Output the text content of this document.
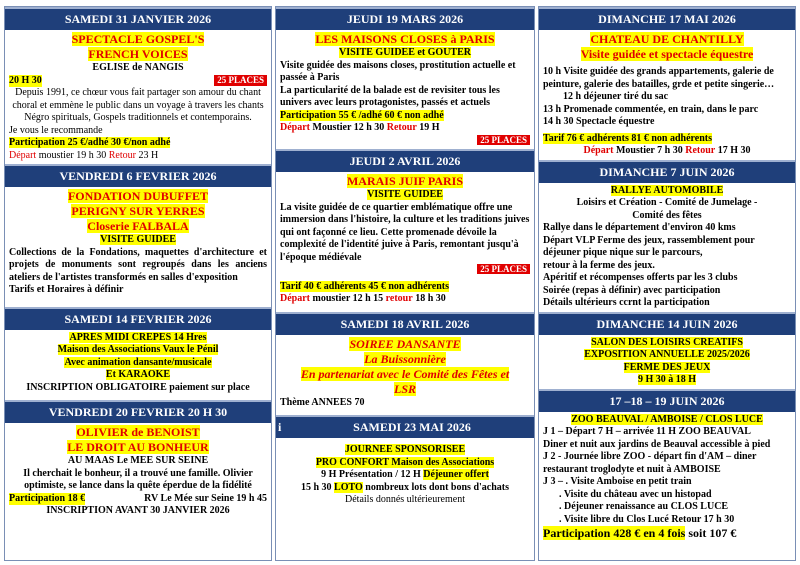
SAMEDI 31 JANVIER 2026
SPECTACLE GOSPEL'S
FRENCH VOICES
EGLISE de NANGIS
20 H 30	25 PLACES

Depuis 1991, ce chœur vous fait partager son amour du chant choral et emmène le public dans un voyage à travers les chants Négro spirituals, Gospels traditionnels et contemporains.

Je vous le recommande

Participation 25 €/adhé 30 €/non adhé
Départ moustier 19 h 30 Retour 23 H
VENDREDI 6 FEVRIER 2026
FONDATION DUBUFFET
PERIGNY SUR YERRES
Closerie FALBALA
VISITE GUIDEE

Collections de la Fondations, maquettes d'architecture et projets de monuments sont regroupés dans les anciens ateliers de l'artistes transformés en salles d'exposition

Tarifs et Horaires à définir

SAMEDI 14 FEVRIER 2026
APRES MIDI CREPES 14 Hres
Maison des Associations Vaux le Pénil
Avec animation dansante/musicale
Et KARAOKE
INSCRIPTION OBLIGATOIRE paiement sur place
VENDREDI 20 FEVRIER 20 H 30
OLIVIER de BENOIST
LE DROIT AU BONHEUR
AU MAAS Le MEE SUR SEINE

Il cherchait le bonheur, il a trouvé une famille. Olivier optimiste, se lance dans la quête éperdue de la fidélité

Participation 18 €	RV Le Mée sur Seine 19 h 45
INSCRIPTION AVANT 30 JANVIER 2026
JEUDI 19 MARS 2026
LES MAISONS CLOSES à PARIS
VISITE GUIDEE et GOUTER

Visite guidée des maisons closes, prostitution actuelle et passée à Paris

La particularité de la balade est de revisiter tous les univers avec leurs protagonistes, passés et actuels

Participation 55 € /adhé 60 € non adhé
Départ Moustier 12 h 30 Retour 19 H
25 PLACES
JEUDI 2 AVRIL 2026
MARAIS JUIF PARIS
VISITE GUIDEE

La visite guidée de ce quartier emblématique offre une immersion dans l'histoire, la culture et les traditions juives qui ont façonné ce lieu. Cette promenade dévoile la complexité de l'identité juive à Paris, remontant jusqu'à l'époque médiévale

25 PLACES
Tarif 40 € adhérents 45 € non adhérents
Départ moustier 12 h 15 retour 18 h 30
SAMEDI 18 AVRIL 2026
SOIREE DANSANTE
La Buissonnière
En partenariat avec le Comité des Fêtes et
LSR

Thème ANNEES 70

i	SAMEDI 23 MAI 2026
JOURNEE SPONSORISEE
PRO CONFORT Maison des Associations
9 H Présentation / 12 H Déjeuner offert
15 h 30 LOTO nombreux lots dont bons d'achats
Détails donnés ultérieurement
DIMANCHE 17 MAI 2026
CHATEAU DE CHANTILLY
Visite guidée et spectacle équestre

10 h Visite guidée des grands appartements, galerie de peinture, galerie des batailles, grde et petite singerie…

12 h déjeuner tiré du sac

13 h Promenade commentée, en train, dans le parc

14 h 30 Spectacle équestre

Tarif 76 € adhérents 81 € non adhérents
Départ Moustier 7 h 30 Retour 17 H 30
DIMANCHE 7 JUIN 2026
RALLYE AUTOMOBILE
Loisirs et Création - Comité de Jumelage -
Comité des fêtes

Rallye dans le département d'environ 40 kms

Départ VLP Ferme des jeux, rassemblement pour déjeuner pique nique sur le parcours,

retour à la ferme des jeux.

Apéritif et récompenses offerts par les 3 clubs

Soirée (repas à définir) avec participation

Détails ultérieurs ccrnt la participation

DIMANCHE 14 JUIN 2026
SALON DES LOISIRS CREATIFS
EXPOSITION ANNUELLE 2025/2026
FERME DES JEUX
9 H 30 à 18 H
17 –18 – 19 JUIN 2026
ZOO BEAUVAL / AMBOISE / CLOS LUCE

J 1 – Départ 7 H – arrivée 11 H ZOO BEAUVAL

Diner et nuit aux jardins de Beauval accessible à pied

J 2 - Journée libre ZOO - départ fin d'AM – diner restaurant troglodyte et nuit à AMBOISE

J 3 – . Visite Amboise en petit train

. Visite du château avec un histopad

. Déjeuner renaissance au CLOS LUCE

. Visite libre du Clos Lucé Retour 17 h 30

Participation 428 € en 4 fois soit 107 €
